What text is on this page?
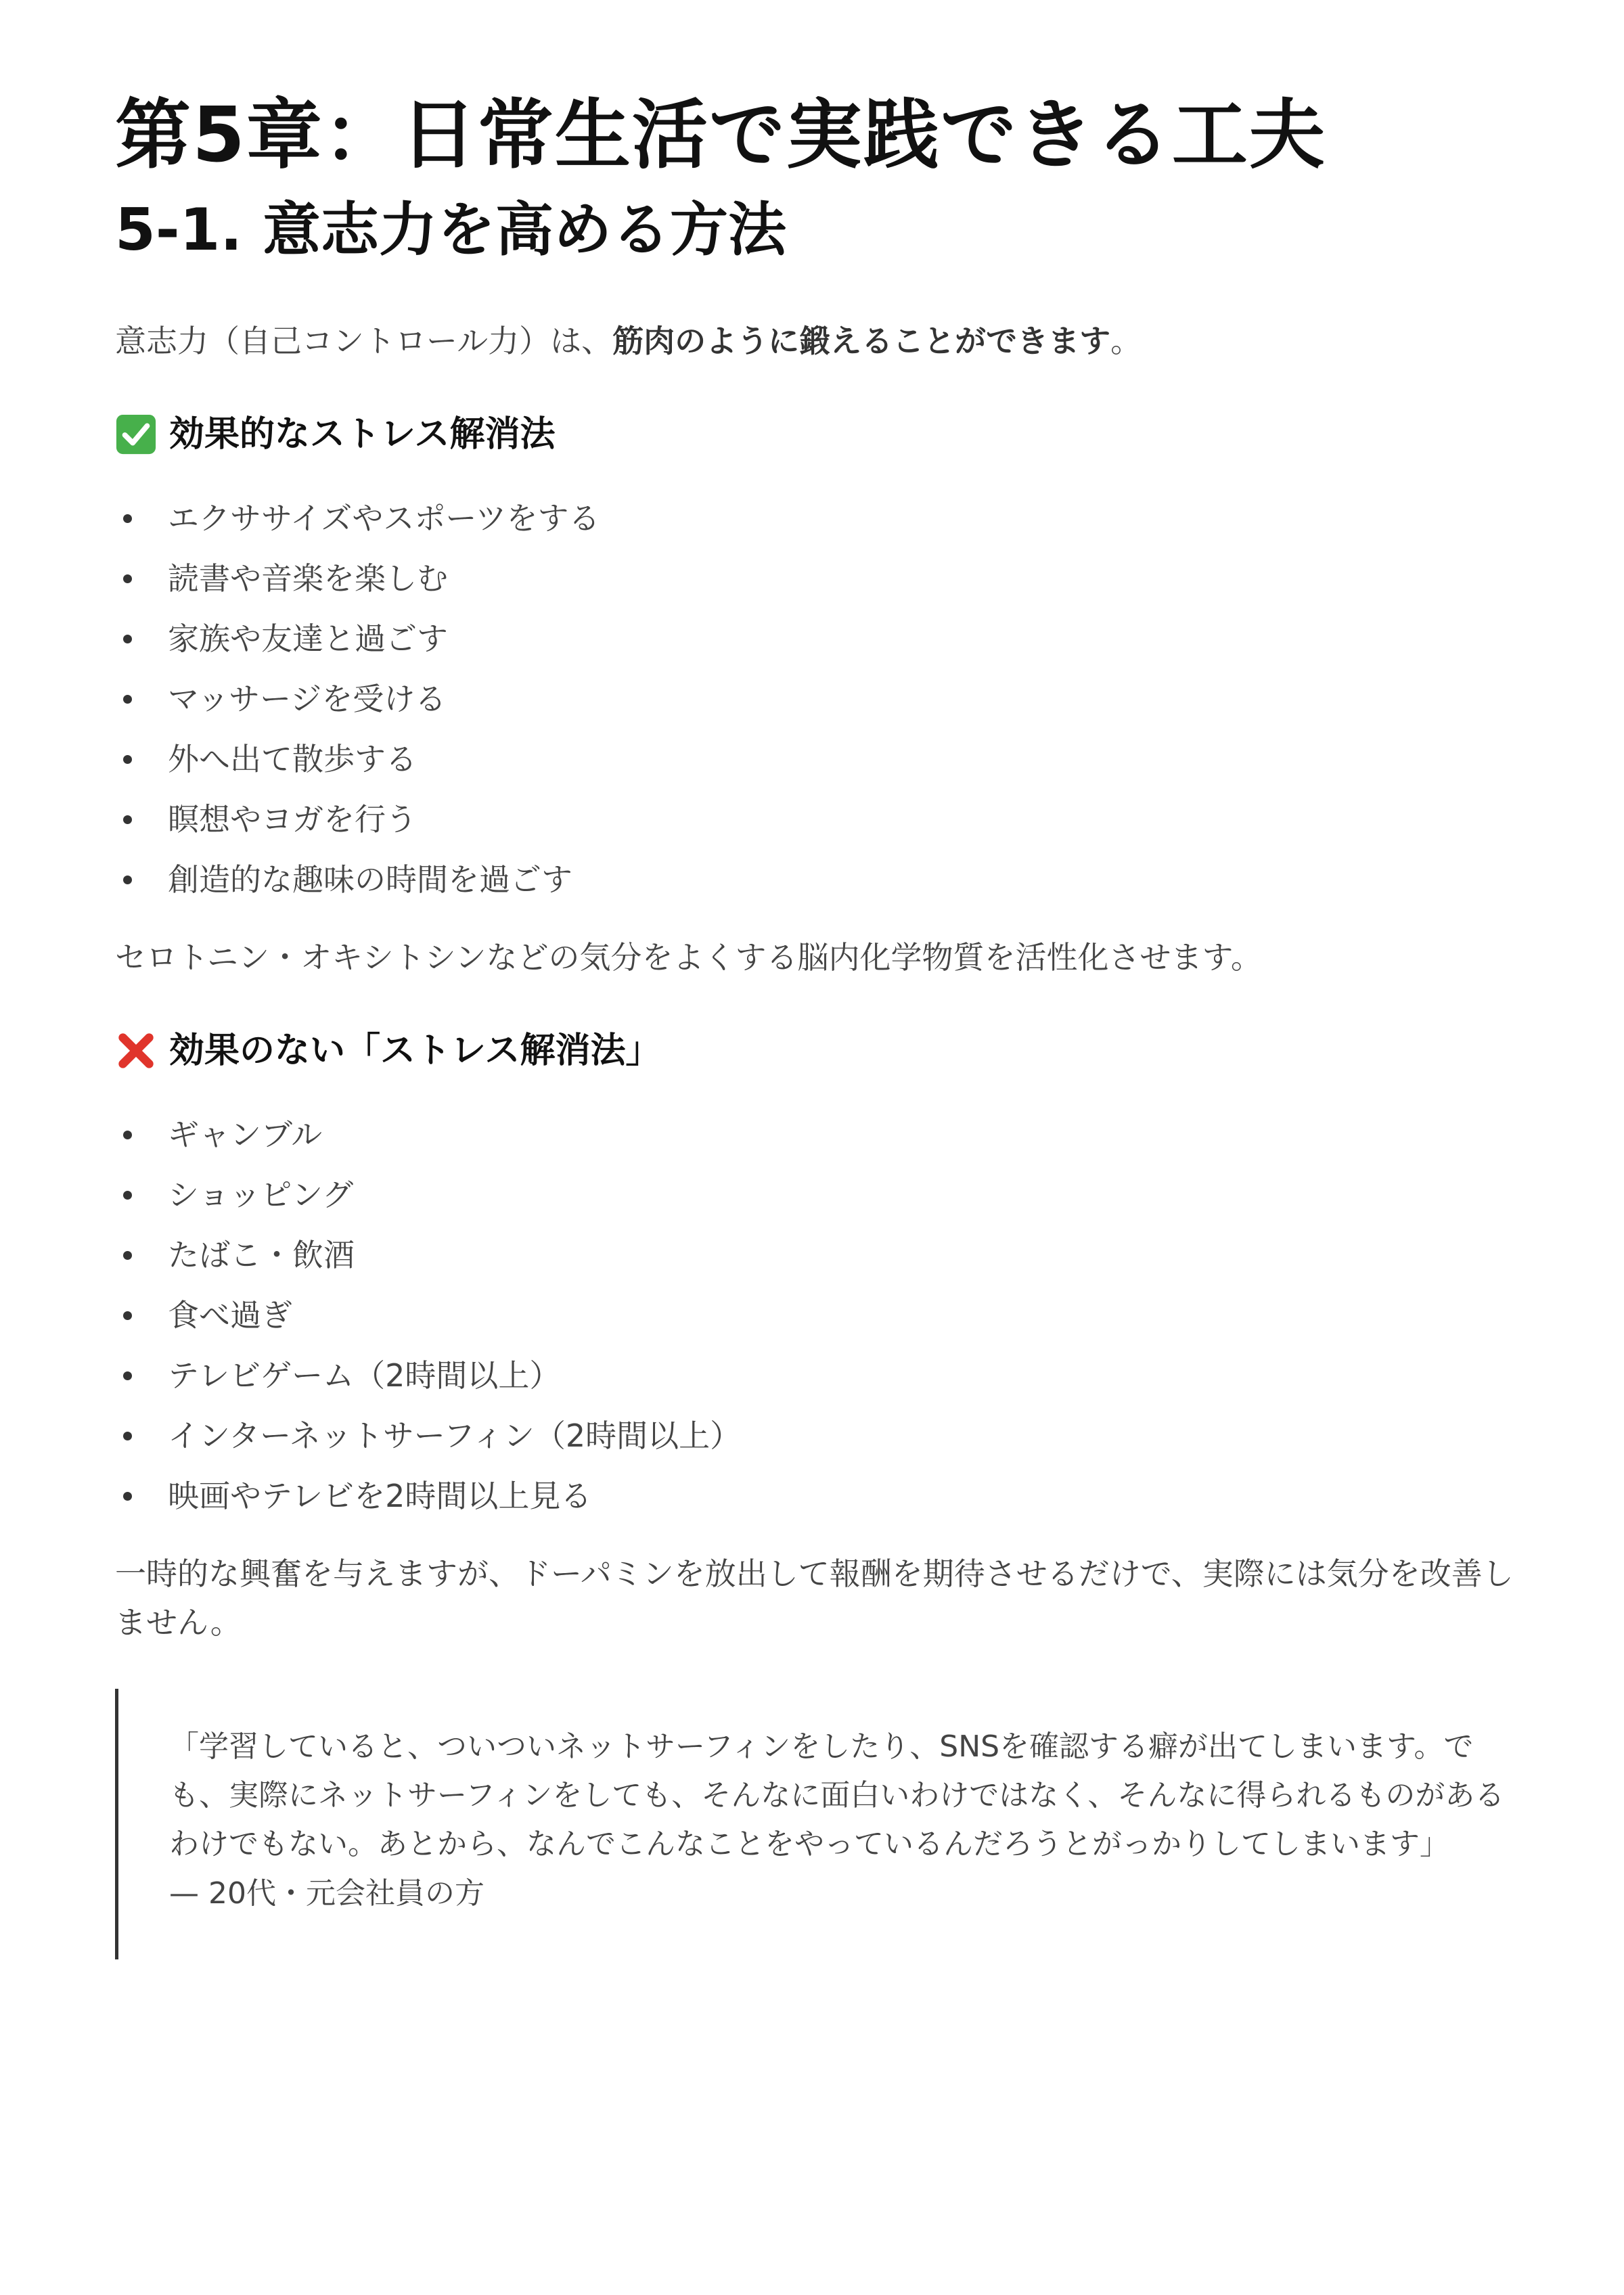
第5章：日常生活で実践できる工夫
5-1. 意志力を高める方法

意志力（自己コントロール力）は、筋肉のように鍛えることができます。

効果的なストレス解消法
エクササイズやスポーツをする
読書や音楽を楽しむ
家族や友達と過ごす
マッサージを受ける
外へ出て散歩する
瞑想やヨガを行う
創造的な趣味の時間を過ごす

セロトニン・オキシトシンなどの気分をよくする脳内化学物質を活性化させます。

効果のない「ストレス解消法」
ギャンブル
ショッピング
たばこ・飲酒
食べ過ぎ
テレビゲーム（2時間以上）
インターネットサーフィン（2時間以上）
映画やテレビを2時間以上見る

一時的な興奮を与えますが、ドーパミンを放出して報酬を期待させるだけで、実際には気分を改善しません。

「学習していると、ついついネットサーフィンをしたり、SNSを確認する癖が出てしまいます。でも、実際にネットサーフィンをしても、そんなに面白いわけではなく、そんなに得られるものがあるわけでもない。あとから、なんでこんなことをやっているんだろうとがっかりしてしまいます」

— 20代・元会社員の方
